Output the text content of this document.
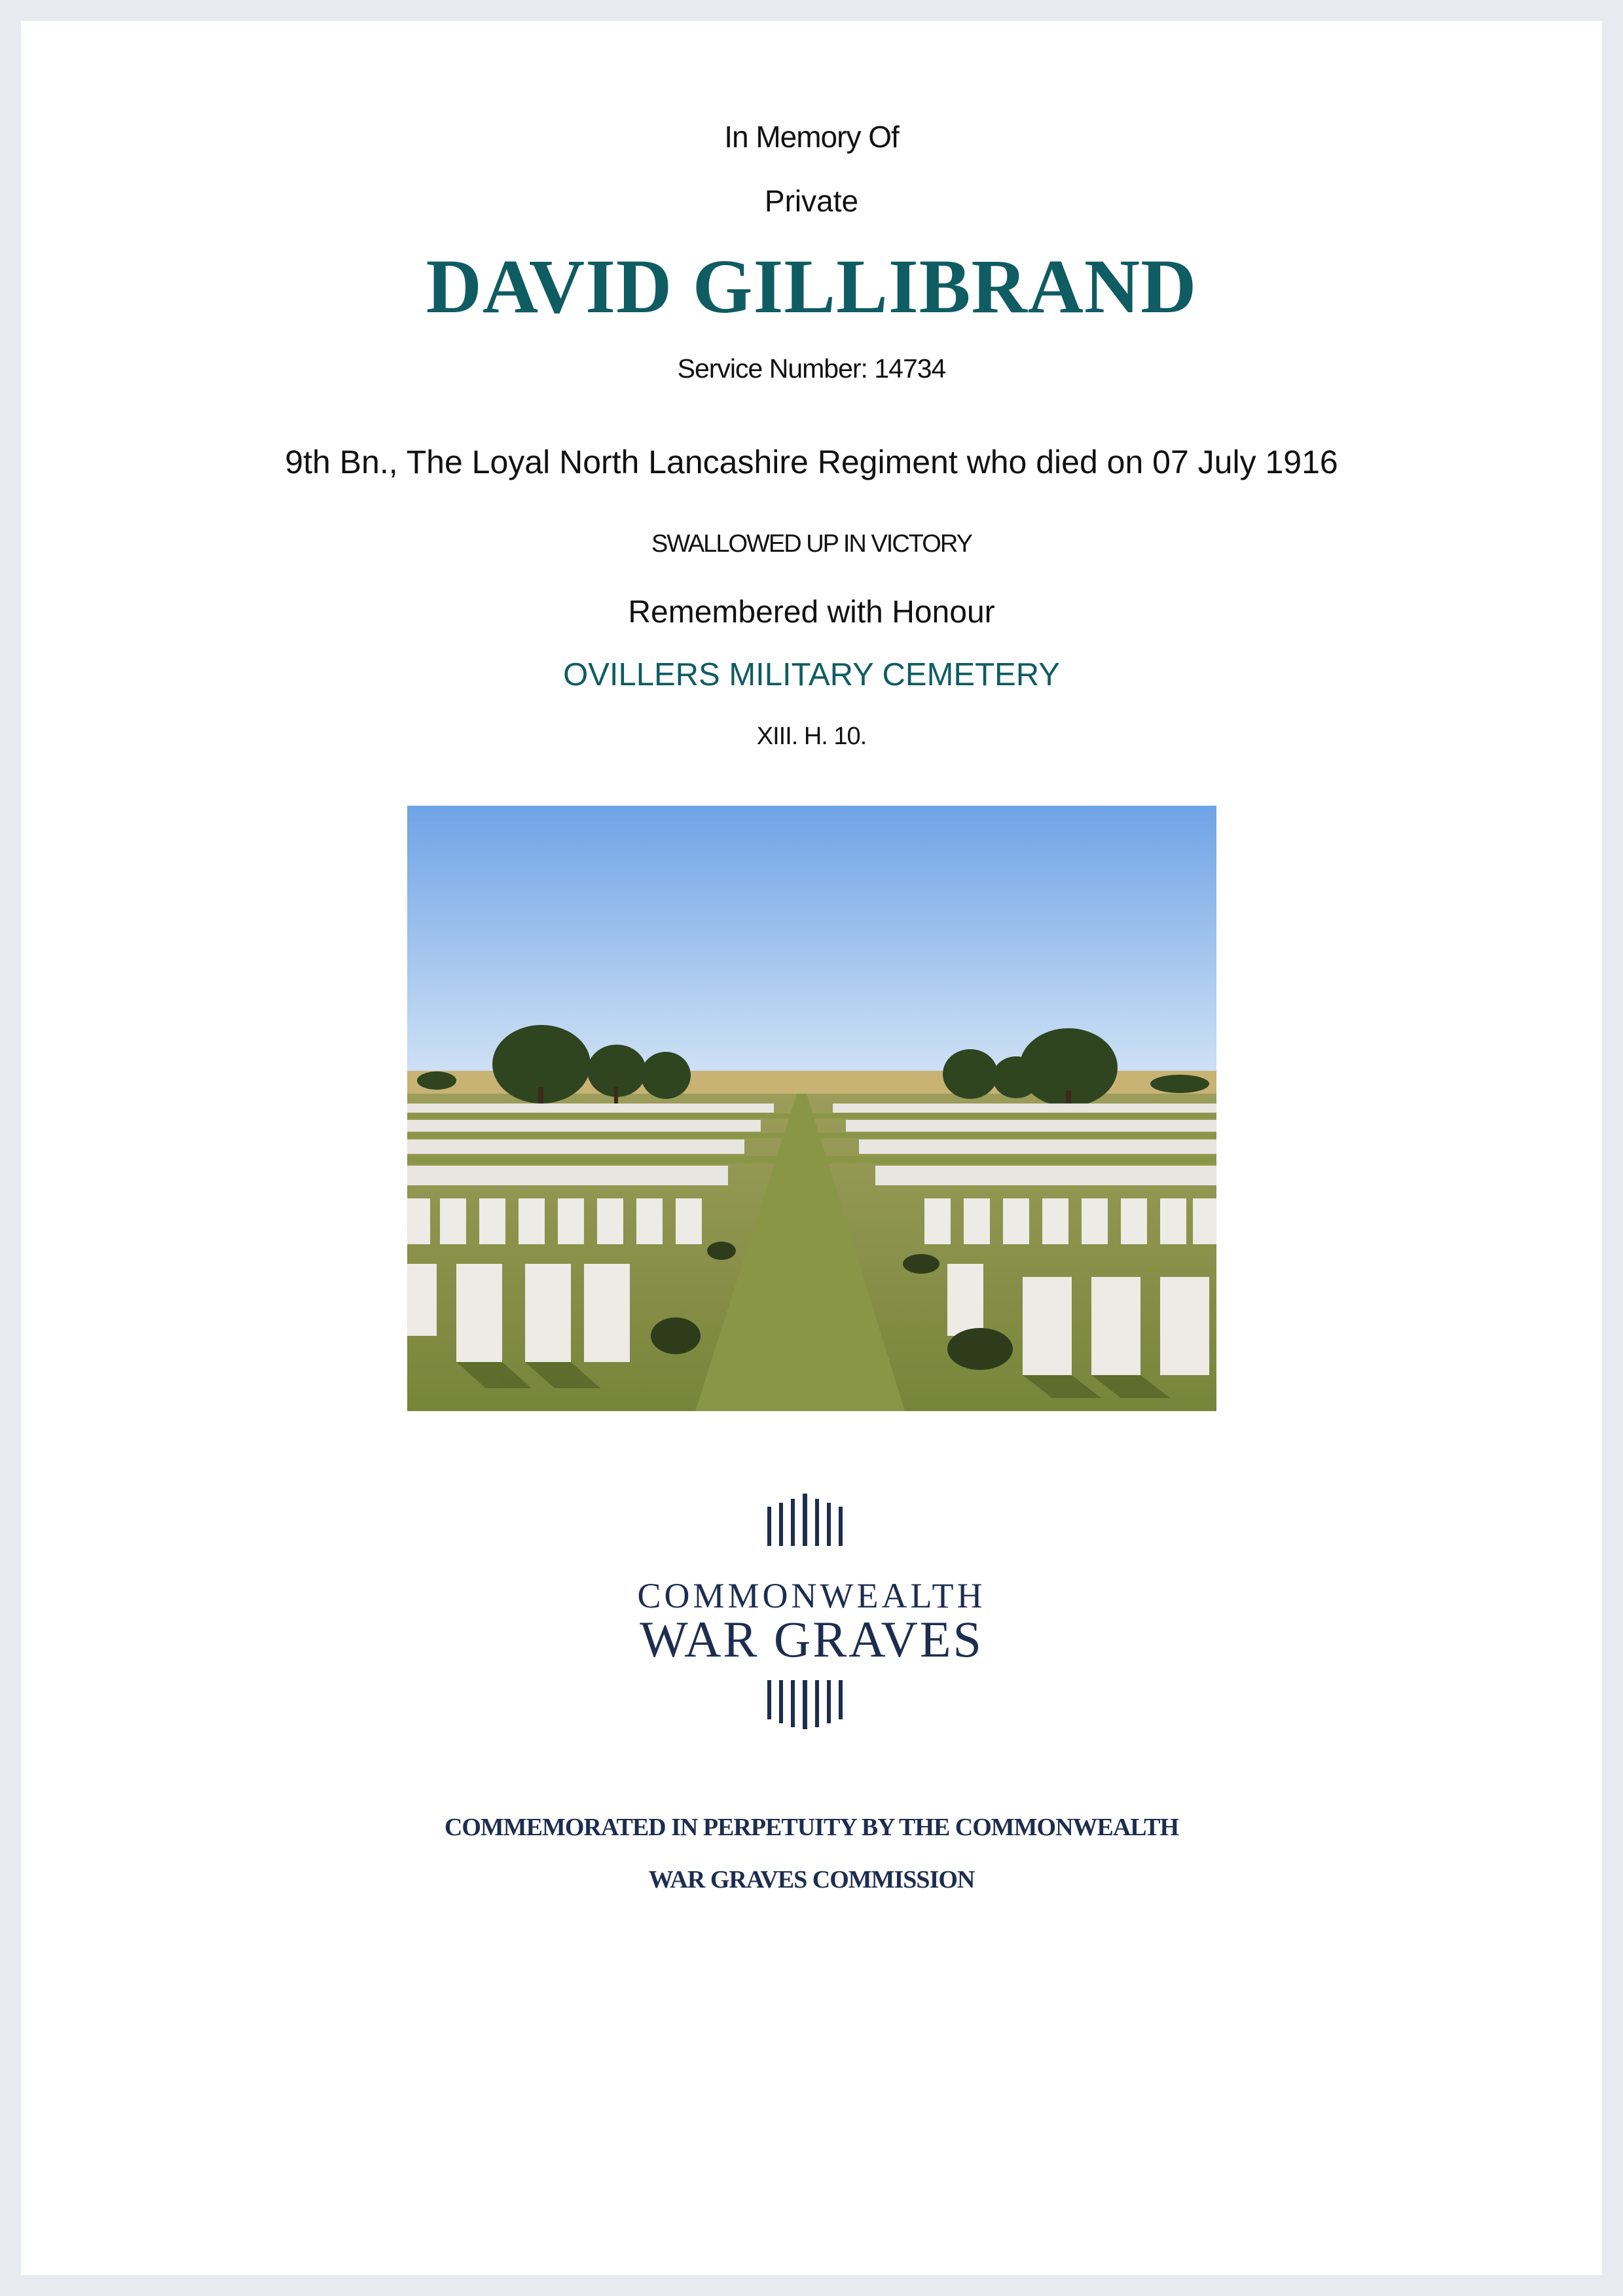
In Memory Of
Private
DAVID GILLIBRAND
Service Number: 14734
9th Bn., The Loyal North Lancashire Regiment who died on 07 July 1916
SWALLOWED UP IN VICTORY
Remembered with Honour
OVILLERS MILITARY CEMETERY
XIII. H. 10.
COMMONWEALTH
WAR GRAVES
COMMEMORATED IN PERPETUITY BY THE COMMONWEALTH
WAR GRAVES COMMISSION
